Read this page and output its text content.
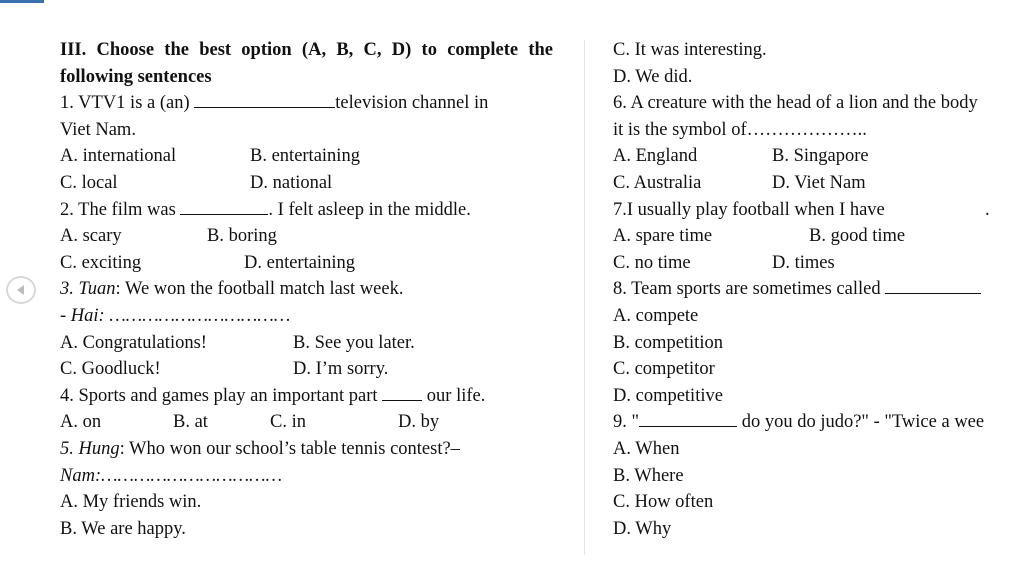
III. Choose the best option (A, B, C, D) to complete the
following sentences
1. VTV1 is a (an)	television channel in
Viet Nam.
A. international	B. entertaining
C. local	D. national
2. The film was	. I felt asleep in the middle.
A. scary	B. boring
C. exciting	D. entertaining
3. Tuan: We won the football match last week.
- Hai: ……………………………
A. Congratulations!	B. See you later.
C. Goodluck!	D. I’m sorry.
4. Sports and games play an important part  our life.
A. on	B. at	C. in	D. by
5. Hung: Who won our school’s table tennis contest?–
Nam:……………………………
A. My friends win.
B. We are happy.
C. It was interesting.
D. We did.
6. A creature with the head of a lion and the body
it is the symbol of………………..
A. England	B. Singapore
C. Australia	D. Viet Nam
7.I usually play football when I have	.
A. spare time	B. good time
C. no time	D. times
8. Team sports are sometimes called
A. compete
B. competition
C. competitor
D. competitive
9. "	do you do judo?" - "Twice a wee
A. When
B. Where
C. How often
D. Why
